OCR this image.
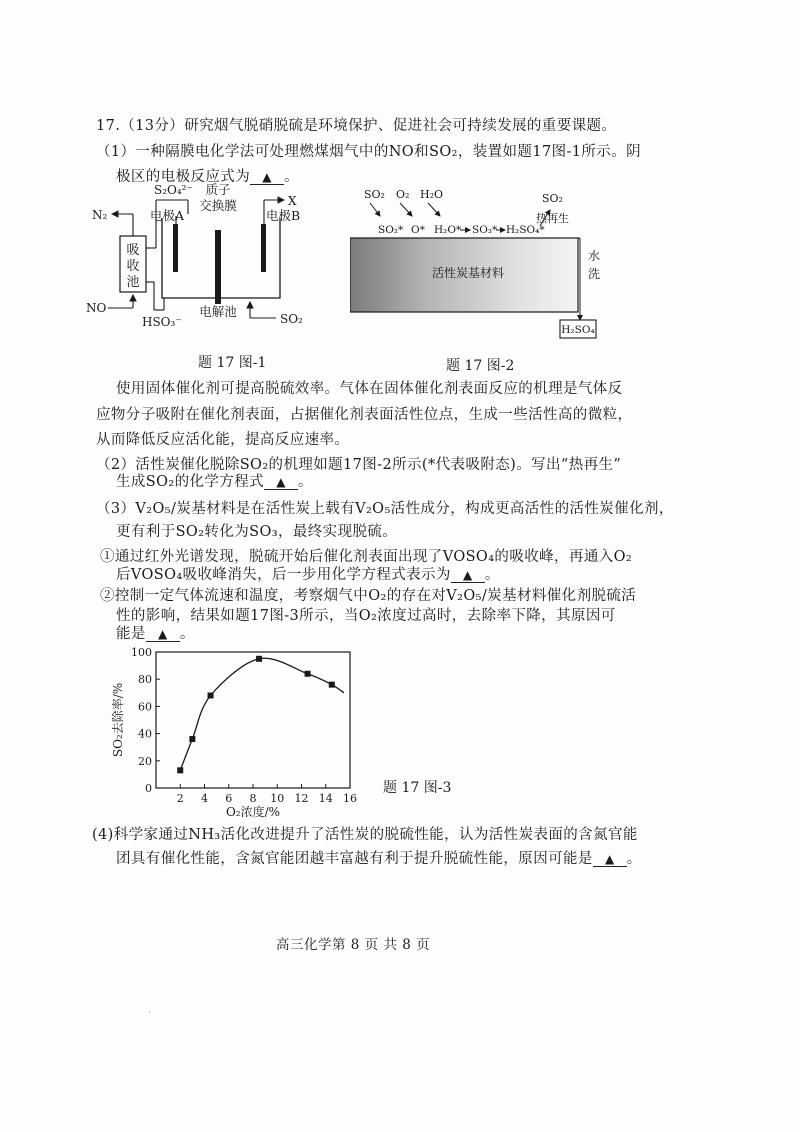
17.（13分）研究烟气脱硝脱硫是环境保护、促进社会可持续发展的重要课题。
（1）一种隔膜电化学法可处理燃煤烟气中的NO和SO₂，装置如题17图-1所示。阴
极区的电极反应式为 ▲ 。
吸
收
池
N₂
NO
S₂O₄²⁻
HSO₃⁻
X
电极A	电极B
质子
交换膜
电解池	SO₂
题 17 图-1
SO₂ O₂ H₂O
SO₂* O* H₂O* SO₃* H₂SO₄*
SO₂
热再生
活性炭基材料
水
洗
H₂SO₄
题 17 图-2
使用固体催化剂可提高脱硫效率。气体在固体催化剂表面反应的机理是气体反
应物分子吸附在催化剂表面，占据催化剂表面活性位点，生成一些活性高的微粒，
从而降低反应活化能，提高反应速率。
（2）活性炭催化脱除SO₂的机理如题17图-2所示(*代表吸附态)。写出“热再生”
生成SO₂的化学方程式 ▲ 。
（3）V₂O₅/炭基材料是在活性炭上载有V₂O₅活性成分，构成更高活性的活性炭催化剂，
更有利于SO₂转化为SO₃，最终实现脱硫。
①通过红外光谱发现，脱硫开始后催化剂表面出现了VOSO₄的吸收峰，再通入O₂
后VOSO₄吸收峰消失，后一步用化学方程式表示为 ▲ 。
②控制一定气体流速和温度，考察烟气中O₂的存在对V₂O₅/炭基材料催化剂脱硫活
性的影响，结果如题17图-3所示，当O₂浓度过高时，去除率下降，其原因可
能是 ▲ 。
0
20
40
60
80
100
2 4 6 8 10 12 14 16
O₂浓度/%
SO₂去除率/%
题 17 图-3
(4)科学家通过NH₃活化改进提升了活性炭的脱硫性能，认为活性炭表面的含氮官能
团具有催化性能，含氮官能团越丰富越有利于提升脱硫性能，原因可能是 ▲ 。
高三化学第 8 页 共 8 页
·
